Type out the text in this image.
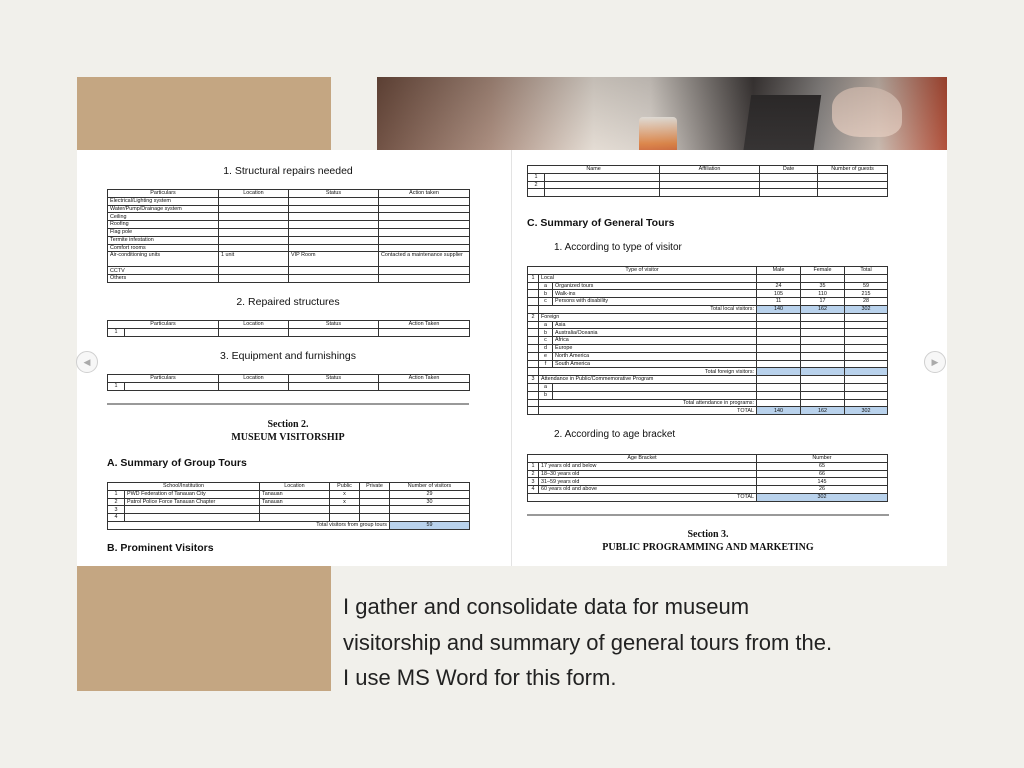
1. Structural repairs needed
Particulars	Location	Status	Action taken
Electrical/Lighting system			
Water/Pump/Drainage system			
Ceiling			
Roofing			
Flag pole			
Termite infestation			
Comfort rooms			
Air-conditioning units	1 unit	VIP Room	Contacted a maintenance supplier
CCTV			
Others			
2. Repaired structures
Particulars		Location	Status	Action Taken
1				
3. Equipment and furnishings
Particulars		Location	Status	Action Taken
1				
Section 2.
MUSEUM VISITORSHIP
A. Summary of Group Tours
School/Institution		Location	Public	Private	Number of visitors
1	PWD Federation of Tanauan City	Tanauan	x		29
2	Patrol Police Force Tanauan Chapter	Tanauan	x		30
3					
4					
Total visitors from group tours					59
B. Prominent Visitors
Name		Affiliation	Date	Number of guests
1				
2				

C. Summary of General Tours
1. According to type of visitor
Type of visitor			Male	Female	Total
1	Local				
	a	Organized tours	24	35	59
	b	Walk-ins	105	110	215
	c	Persons with disability	11	17	28
	Total local visitors:		140	162	302
2	Foreign				
	a	Asia			
	b	Australia/Oceania			
	c	Africa			
	d	Europe			
	e	North America			
	f	South America			
	Total foreign visitors:				
3	Attendance in Public/Commemorative Program				
	a				
	b				
	Total attendance in programs:				
	TOTAL		140	162	302
2. According to age bracket
Age Bracket		Number
1	17 years old and below	65
2	18–30 years old	66
3	31–59 years old	145
4	60 years old and above	26
TOTAL		302
Section 3.
PUBLIC PROGRAMMING AND MARKETING
◀	▶
I gather and consolidate data for museum
visitorship and summary of general tours from the.
I use MS Word for this form.
